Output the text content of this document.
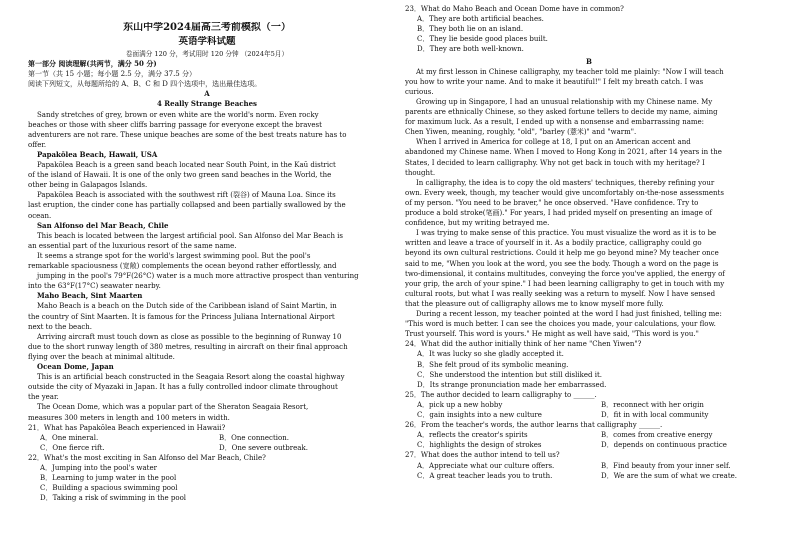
东山中学2024届高三考前模拟（一）
英语学科试题
卷面满分 120 分，考试用时 120 分钟 （2024年5月）
第一部分 阅读理解(共两节，满分 50 分)
第一节（共 15 小题；每小题 2.5 分，满分 37.5 分）
阅读下列短文，从每题所给的 A、B、C 和 D 四个选项中，选出最佳选项。
A
4 Really Strange Beaches
Sandy stretches of grey, brown or even white are the world's norm. Even rocky
beaches or those with sheer cliffs barring passage for everyone except the bravest
adventurers are not rare. These unique beaches are some of the best treats nature has to
offer.
Papakōlea Beach, Hawaii, USA
Papakōlea Beach is a green sand beach located near South Point, in the Kaū district
of the island of Hawaii. It is one of the only two green sand beaches in the World, the
other being in Galapagos Islands.
Papakōlea Beach is associated with the southwest rift (裂谷) of Mauna Loa. Since its
last eruption, the cinder cone has partially collapsed and been partially swallowed by the
ocean.
San Alfonso del Mar Beach, Chile
This beach is located between the largest artificial pool. San Alfonso del Mar Beach is
an essential part of the luxurious resort of the same name.
It seems a strange spot for the world's largest swimming pool. But the pool's
remarkable spaciousness (宽敞) complements the ocean beyond rather effortlessly, and
jumping in the pool's 79°F(26°C) water is a much more attractive prospect than venturing
into the 63°F(17°C) seawater nearby.
Maho Beach, Sint Maarten
Maho Beach is a beach on the Dutch side of the Caribbean island of Saint Martin, in
the country of Sint Maarten. It is famous for the Princess Juliana International Airport
next to the beach.
Arriving aircraft must touch down as close as possible to the beginning of Runway 10
due to the short runway length of 380 metres, resulting in aircraft on their final approach
flying over the beach at minimal altitude.
Ocean Dome, Japan
This is an artificial beach constructed in the Seagaia Resort along the coastal highway
outside the city of Myazaki in Japan. It has a fully controlled indoor climate throughout
the year.
The Ocean Dome, which was a popular part of the Sheraton Seagaia Resort,
measures 300 meters in length and 100 meters in width.
21．What has Papakōlea Beach experienced in Hawaii?
A．One mineral.	B．One connection.
C．One fierce rift.	D．One severe outbreak.
22．What's the most exciting in San Alfonso del Mar Beach, Chile?
A．Jumping into the pool's water
B．Learning to jump water in the pool
C．Building a spacious swimming pool
D．Taking a risk of swimming in the pool
23．What do Maho Beach and Ocean Dome have in common?
A．They are both artificial beaches.
B．They both lie on an island.
C．They lie beside good places built.
D．They are both well-known.
B
At my first lesson in Chinese calligraphy, my teacher told me plainly: "Now I will teach
you how to write your name. And to make it beautiful!" I felt my breath catch. I was
curious.
Growing up in Singapore, I had an unusual relationship with my Chinese name. My
parents are ethnically Chinese, so they asked fortune tellers to decide my name, aiming
for maximum luck. As a result, I ended up with a nonsense and embarrassing name:
Chen Yiwen, meaning, roughly, "old", "barley (薏米)" and "warm".
When I arrived in America for college at 18, I put on an American accent and
abandoned my Chinese name. When I moved to Hong Kong in 2021, after 14 years in the
States, I decided to learn calligraphy. Why not get back in touch with my heritage? I
thought.
In calligraphy, the idea is to copy the old masters' techniques, thereby refining your
own. Every week, though, my teacher would give uncomfortably on-the-nose assessments
of my person. "You need to be braver," he once observed. "Have confidence. Try to
produce a bold stroke(笔画)." For years, I had prided myself on presenting an image of
confidence, but my writing betrayed me.
I was trying to make sense of this practice. You must visualize the word as it is to be
written and leave a trace of yourself in it. As a bodily practice, calligraphy could go
beyond its own cultural restrictions. Could it help me go beyond mine? My teacher once
said to me, "When you look at the word, you see the body. Though a word on the page is
two-dimensional, it contains multitudes, conveying the force you've applied, the energy of
your grip, the arch of your spine." I had been learning calligraphy to get in touch with my
cultural roots, but what I was really seeking was a return to myself. Now I have sensed
that the pleasure out of calligraphy allows me to know myself more fully.
During a recent lesson, my teacher pointed at the word I had just finished, telling me:
"This word is much better. I can see the choices you made, your calculations, your flow.
Trust yourself. This word is yours." He might as well have said, "This word is you."
24．What did the author initially think of her name "Chen Yiwen"?
A．It was lucky so she gladly accepted it.
B．She felt proud of its symbolic meaning.
C．She understood the intention but still disliked it.
D．Its strange pronunciation made her embarrassed.
25．The author decided to learn calligraphy to ______.
A．pick up a new hobby	B．reconnect with her origin
C．gain insights into a new culture	D．fit in with local community
26．From the teacher's words, the author learns that calligraphy ______.
A．reflects the creator's spirits	B．comes from creative energy
C．highlights the design of strokes	D．depends on continuous practice
27．What does the author intend to tell us?
A．Appreciate what our culture offers.	B．Find beauty from your inner self.
C．A great teacher leads you to truth.	D．We are the sum of what we create.
